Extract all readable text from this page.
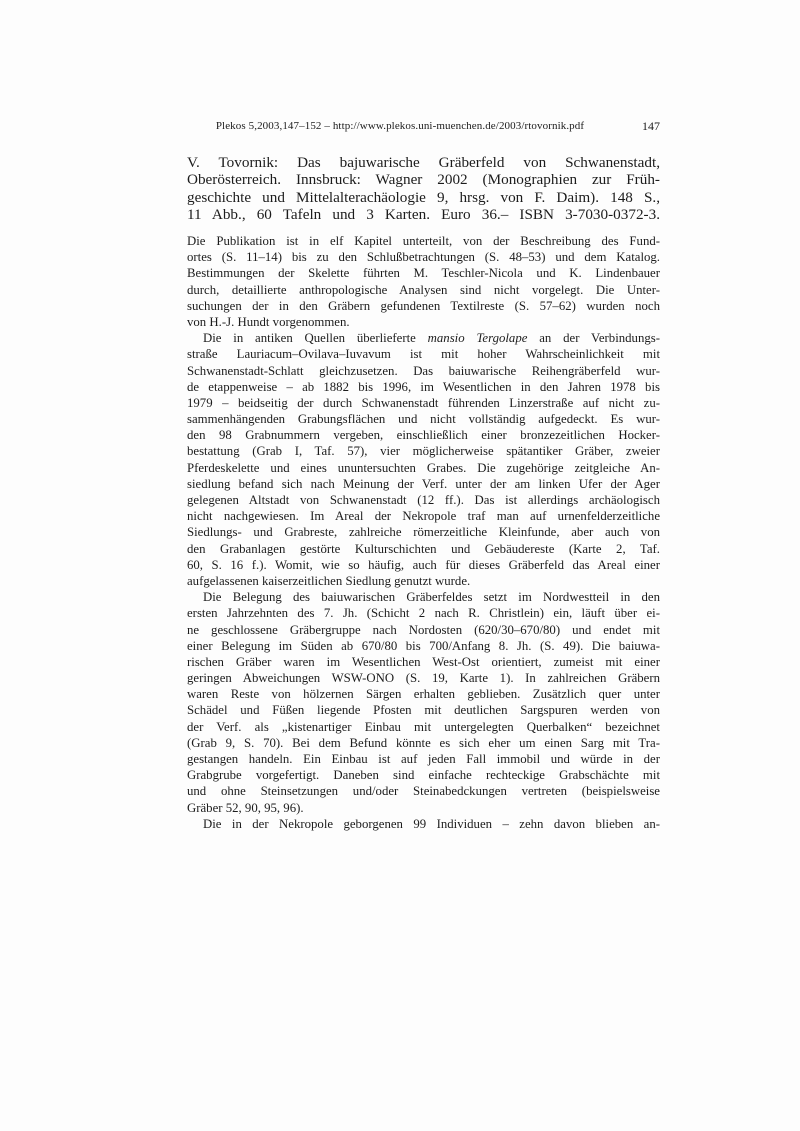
Plekos 5,2003,147–152 – http://www.plekos.uni-muenchen.de/2003/rtovornik.pdf	147
V. Tovornik: Das bajuwarische Gräberfeld von Schwanenstadt,
Oberösterreich. Innsbruck: Wagner 2002 (Monographien zur Früh-
geschichte und Mittelalterachäologie 9, hrsg. von F. Daim). 148 S.,
11 Abb., 60 Tafeln und 3 Karten. Euro 36.– ISBN 3-7030-0372-3.
Die Publikation ist in elf Kapitel unterteilt, von der Beschreibung des Fund-
ortes (S. 11–14) bis zu den Schlußbetrachtungen (S. 48–53) und dem Katalog.
Bestimmungen der Skelette führten M. Teschler-Nicola und K. Lindenbauer
durch, detaillierte anthropologische Analysen sind nicht vorgelegt. Die Unter-
suchungen der in den Gräbern gefundenen Textilreste (S. 57–62) wurden noch
von H.-J. Hundt vorgenommen.
Die in antiken Quellen überlieferte mansio Tergolape an der Verbindungs-
straße Lauriacum–Ovilava–Iuvavum ist mit hoher Wahrscheinlichkeit mit
Schwanenstadt-Schlatt gleichzusetzen. Das baiuwarische Reihengräberfeld wur-
de etappenweise – ab 1882 bis 1996, im Wesentlichen in den Jahren 1978 bis
1979 – beidseitig der durch Schwanenstadt führenden Linzerstraße auf nicht zu-
sammenhängenden Grabungsflächen und nicht vollständig aufgedeckt. Es wur-
den 98 Grabnummern vergeben, einschließlich einer bronzezeitlichen Hocker-
bestattung (Grab I, Taf. 57), vier möglicherweise spätantiker Gräber, zweier
Pferdeskelette und eines ununtersuchten Grabes. Die zugehörige zeitgleiche An-
siedlung befand sich nach Meinung der Verf. unter der am linken Ufer der Ager
gelegenen Altstadt von Schwanenstadt (12 ff.). Das ist allerdings archäologisch
nicht nachgewiesen. Im Areal der Nekropole traf man auf urnenfelderzeitliche
Siedlungs- und Grabreste, zahlreiche römerzeitliche Kleinfunde, aber auch von
den Grabanlagen gestörte Kulturschichten und Gebäudereste (Karte 2, Taf.
60, S. 16 f.). Womit, wie so häufig, auch für dieses Gräberfeld das Areal einer
aufgelassenen kaiserzeitlichen Siedlung genutzt wurde.
Die Belegung des baiuwarischen Gräberfeldes setzt im Nordwestteil in den
ersten Jahrzehnten des 7. Jh. (Schicht 2 nach R. Christlein) ein, läuft über ei-
ne geschlossene Gräbergruppe nach Nordosten (620/30–670/80) und endet mit
einer Belegung im Süden ab 670/80 bis 700/Anfang 8. Jh. (S. 49). Die baiuwa-
rischen Gräber waren im Wesentlichen West-Ost orientiert, zumeist mit einer
geringen Abweichungen WSW-ONO (S. 19, Karte 1). In zahlreichen Gräbern
waren Reste von hölzernen Särgen erhalten geblieben. Zusätzlich quer unter
Schädel und Füßen liegende Pfosten mit deutlichen Sargspuren werden von
der Verf. als „kistenartiger Einbau mit untergelegten Querbalken“ bezeichnet
(Grab 9, S. 70). Bei dem Befund könnte es sich eher um einen Sarg mit Tra-
gestangen handeln. Ein Einbau ist auf jeden Fall immobil und würde in der
Grabgrube vorgefertigt. Daneben sind einfache rechteckige Grabschächte mit
und ohne Steinsetzungen und/oder Steinabedckungen vertreten (beispielsweise
Gräber 52, 90, 95, 96).
Die in der Nekropole geborgenen 99 Individuen – zehn davon blieben an-
